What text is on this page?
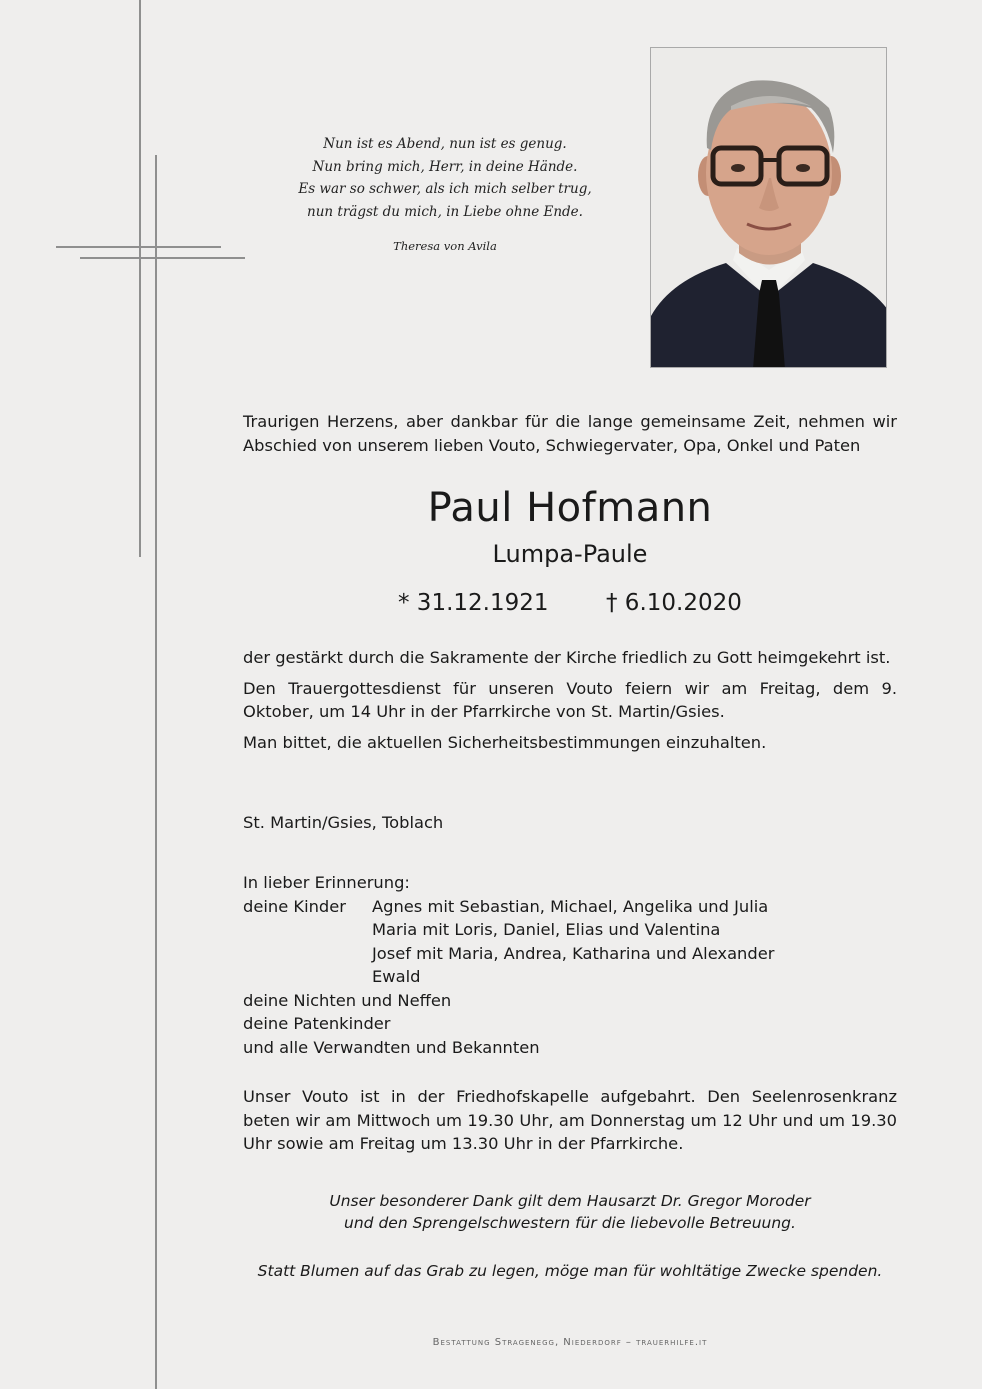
Nun ist es Abend, nun ist es genug.
Nun bring mich, Herr, in deine Hände.
Es war so schwer, als ich mich selber trug,
nun trägst du mich, in Liebe ohne Ende.
Theresa von Avila

Traurigen Herzens, aber dankbar für die lange gemeinsame Zeit, nehmen wir Abschied von unserem lieben Vouto, Schwiegervater, Opa, Onkel und Paten

Paul Hofmann
Lumpa-Paule
* 31.12.1921	† 6.10.2020

der gestärkt durch die Sakramente der Kirche friedlich zu Gott heimgekehrt ist.

Den Trauergottesdienst für unseren Vouto feiern wir am Freitag, dem 9. Oktober, um 14 Uhr in der Pfarrkirche von St. Martin/Gsies.

Man bittet, die aktuellen Sicherheitsbestimmungen einzuhalten.

St. Martin/Gsies, Toblach
In lieber Erinnerung:
deine Kinder	Agnes mit Sebastian, Michael, Angelika und Julia
Maria mit Loris, Daniel, Elias und Valentina
Josef mit Maria, Andrea, Katharina und Alexander
Ewald
deine Nichten und Neffen
deine Patenkinder
und alle Verwandten und Bekannten

Unser Vouto ist in der Friedhofskapelle aufgebahrt. Den Seelenrosenkranz beten wir am Mittwoch um 19.30 Uhr, am Donnerstag um 12 Uhr und um 19.30 Uhr sowie am Freitag um 13.30 Uhr in der Pfarrkirche.

Unser besonderer Dank gilt dem Hausarzt Dr. Gregor Moroder
und den Sprengelschwestern für die liebevolle Betreuung.
Statt Blumen auf das Grab zu legen, möge man für wohltätige Zwecke spenden.
Bestattung Stragenegg, Niederdorf – trauerhilfe.it
